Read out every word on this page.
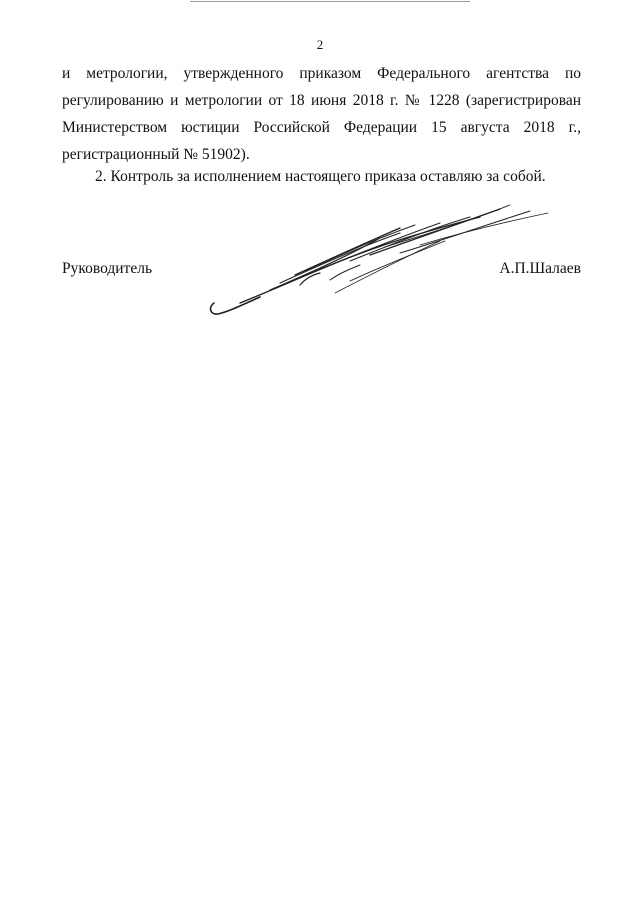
2
и метрологии, утвержденного приказом Федерального агентства по
регулированию и метрологии от 18 июня 2018 г. № 1228 (зарегистрирован
Министерством юстиции Российской Федерации 15 августа 2018 г.,
регистрационный № 51902).
2. Контроль за исполнением настоящего приказа оставляю за собой.
Руководитель	А.П.Шалаев
